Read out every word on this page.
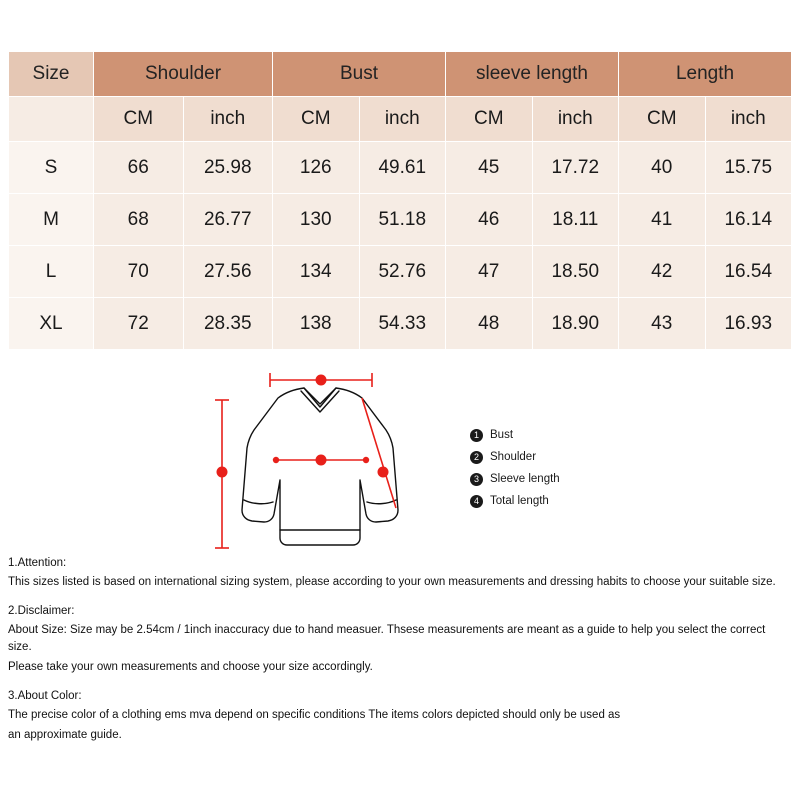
Size	Shoulder		Bust		sleeve length		Length	
	CM	inch	CM	inch	CM	inch	CM	inch
S	66	25.98	126	49.61	45	17.72	40	15.75
M	68	26.77	130	51.18	46	18.11	41	16.14
L	70	27.56	134	52.76	47	18.50	42	16.54
XL	72	28.35	138	54.33	48	18.90	43	16.93
1 Bust
2 Shoulder
3 Sleeve length
4 Total length

1.Attention:

This sizes listed is based on international sizing system, please according to your own measurements and dressing habits to choose your suitable size.

2.Disclaimer:

About Size: Size may be 2.54cm / 1inch inaccuracy due to hand measuer. Thsese measurements are meant as a guide to help you select the correct size.

Please take your own measurements and choose your size accordingly.

3.About Color:

The precise color of a clothing ems mva depend on specific conditions The items colors depicted should only be used as

an approximate guide.
